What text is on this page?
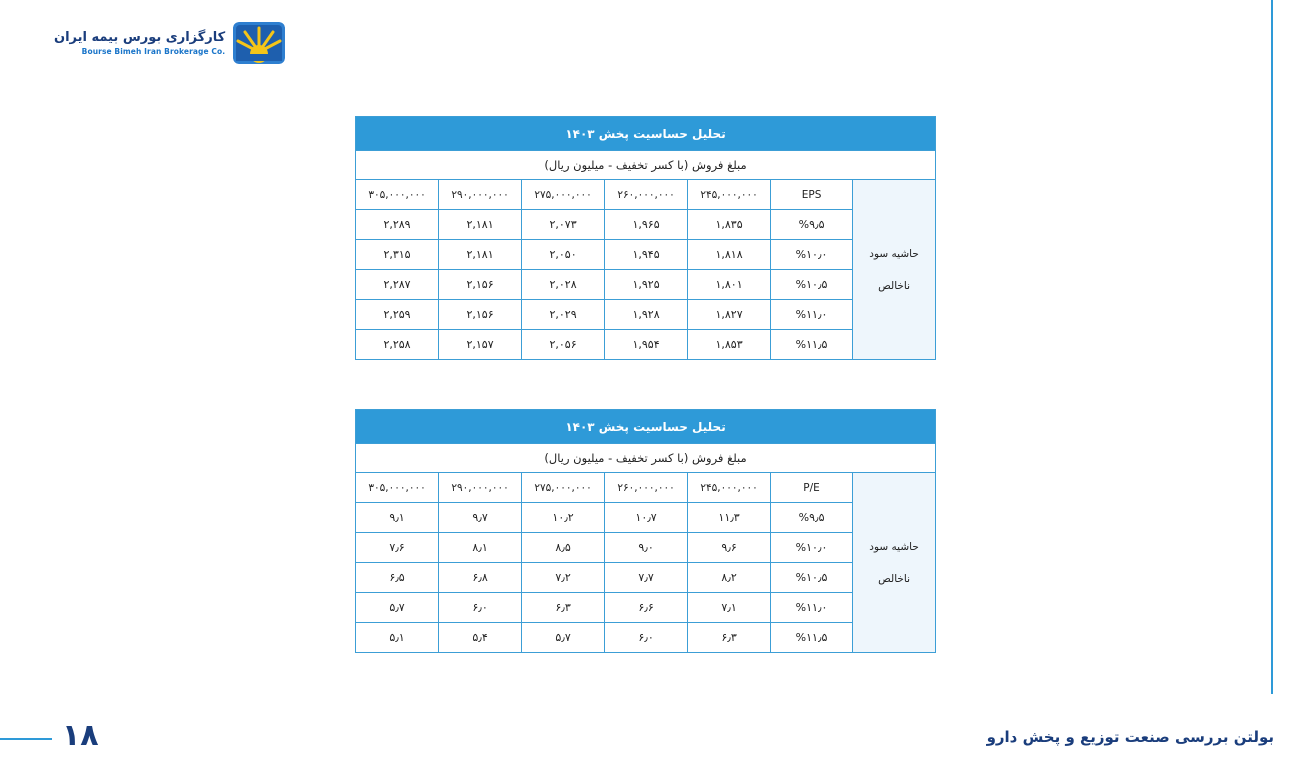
کارگزاری بورس بیمه ایران
Bourse Bimeh Iran Brokerage Co.
تحلیل حساسیت پخش ۱۴۰۳						
مبلغ فروش (با کسر تخفیف - میلیون ریال)						
حاشیه سود
ناخالص	EPS	۲۴۵,۰۰۰,۰۰۰	۲۶۰,۰۰۰,۰۰۰	۲۷۵,۰۰۰,۰۰۰	۲۹۰,۰۰۰,۰۰۰	۳۰۵,۰۰۰,۰۰۰
	%۹٫۵	۱,۸۳۵	۱,۹۶۵	۲,۰۷۳	۲,۱۸۱	۲,۲۸۹
	%۱۰٫۰	۱,۸۱۸	۱,۹۴۵	۲,۰۵۰	۲,۱۸۱	۲,۳۱۵
	%۱۰٫۵	۱,۸۰۱	۱,۹۲۵	۲,۰۲۸	۲,۱۵۶	۲,۲۸۷
	%۱۱٫۰	۱,۸۲۷	۱,۹۲۸	۲,۰۲۹	۲,۱۵۶	۲,۲۵۹
	%۱۱٫۵	۱,۸۵۳	۱,۹۵۴	۲,۰۵۶	۲,۱۵۷	۲,۲۵۸
تحلیل حساسیت پخش ۱۴۰۳						
مبلغ فروش (با کسر تخفیف - میلیون ریال)						
حاشیه سود
ناخالص	P/E	۲۴۵,۰۰۰,۰۰۰	۲۶۰,۰۰۰,۰۰۰	۲۷۵,۰۰۰,۰۰۰	۲۹۰,۰۰۰,۰۰۰	۳۰۵,۰۰۰,۰۰۰
	%۹٫۵	۱۱٫۳	۱۰٫۷	۱۰٫۲	۹٫۷	۹٫۱
	%۱۰٫۰	۹٫۶	۹٫۰	۸٫۵	۸٫۱	۷٫۶
	%۱۰٫۵	۸٫۲	۷٫۷	۷٫۲	۶٫۸	۶٫۵
	%۱۱٫۰	۷٫۱	۶٫۶	۶٫۳	۶٫۰	۵٫۷
	%۱۱٫۵	۶٫۳	۶٫۰	۵٫۷	۵٫۴	۵٫۱
۱۸	بولتن بررسی صنعت توزیع و پخش دارو
